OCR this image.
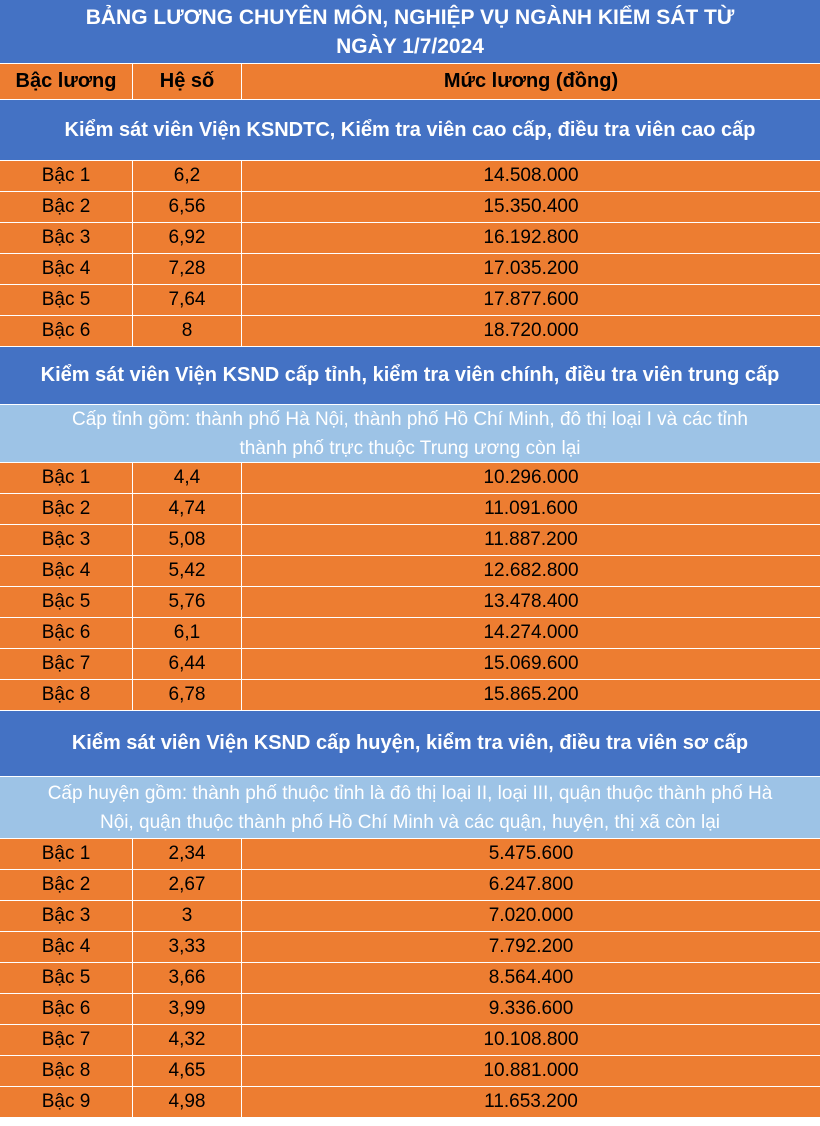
BẢNG LƯƠNG CHUYÊN MÔN, NGHIỆP VỤ NGÀNH KIỂM SÁT TỪ
NGÀY 1/7/2024
Bậc lương	Hệ số	Mức lương (đồng)
Kiểm sát viên Viện KSNDTC, Kiểm tra viên cao cấp, điều tra viên cao cấp
Bậc 1	6,2	14.508.000
Bậc 2	6,56	15.350.400
Bậc 3	6,92	16.192.800
Bậc 4	7,28	17.035.200
Bậc 5	7,64	17.877.600
Bậc 6	8	18.720.000
Kiểm sát viên Viện KSND cấp tỉnh, kiểm tra viên chính, điều tra viên trung cấp
Cấp tỉnh gồm: thành phố Hà Nội, thành phố Hồ Chí Minh, đô thị loại I và các tỉnh
thành phố trực thuộc Trung ương còn lại
Bậc 1	4,4	10.296.000
Bậc 2	4,74	11.091.600
Bậc 3	5,08	11.887.200
Bậc 4	5,42	12.682.800
Bậc 5	5,76	13.478.400
Bậc 6	6,1	14.274.000
Bậc 7	6,44	15.069.600
Bậc 8	6,78	15.865.200
Kiểm sát viên Viện KSND cấp huyện, kiểm tra viên, điều tra viên sơ cấp
Cấp huyện gồm: thành phố thuộc tỉnh là đô thị loại II, loại III, quận thuộc thành phố Hà
Nội, quận thuộc thành phố Hồ Chí Minh và các quận, huyện, thị xã còn lại
Bậc 1	2,34	5.475.600
Bậc 2	2,67	6.247.800
Bậc 3	3	7.020.000
Bậc 4	3,33	7.792.200
Bậc 5	3,66	8.564.400
Bậc 6	3,99	9.336.600
Bậc 7	4,32	10.108.800
Bậc 8	4,65	10.881.000
Bậc 9	4,98	11.653.200
